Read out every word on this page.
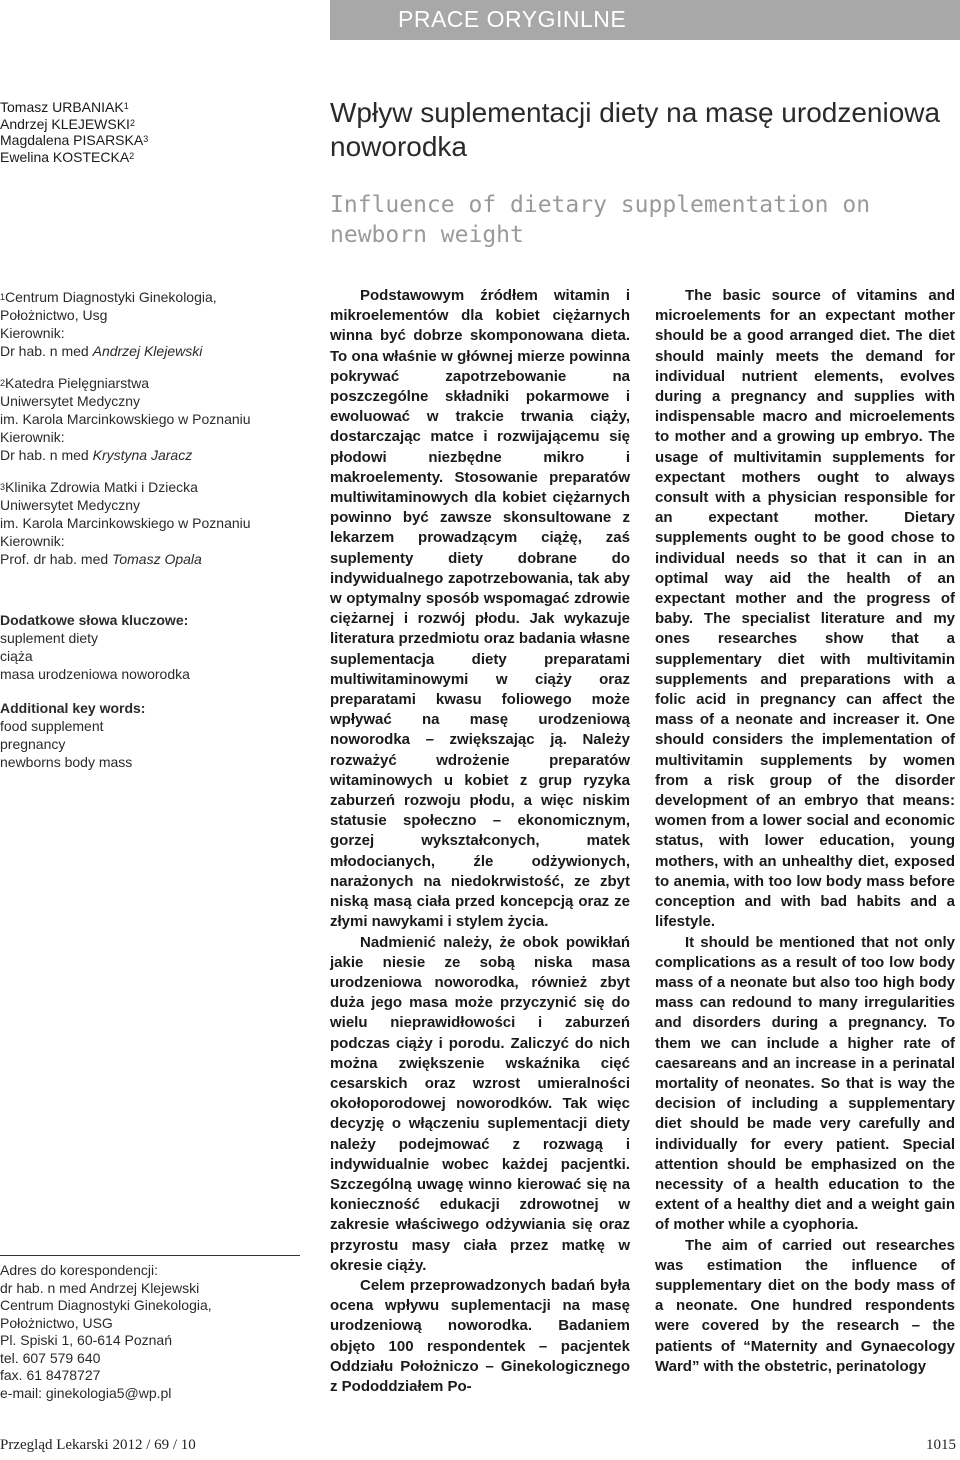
PRACE ORYGINLNE
Tomasz URBANIAK$^1$
Andrzej KLEJEWSKI$^2$
Magdalena PISARSKA$^3$
Ewelina KOSTECKA$^2$
Wpływ suplementacji diety na masę urodzeniowa noworodka
Influence of dietary supplementation on newborn weight
$^1$Centrum Diagnostyki Ginekologia,
Położnictwo, Usg
Kierownik:
Dr hab. n med Andrzej Klejewski
$^2$Katedra Pielęgniarstwa
Uniwersytet Medyczny
im. Karola Marcinkowskiego w Poznaniu
Kierownik:
Dr hab. n med Krystyna Jaracz
$^3$Klinika Zdrowia Matki i Dziecka
Uniwersytet Medyczny
im. Karola Marcinkowskiego w Poznaniu
Kierownik:
Prof. dr hab. med Tomasz Opala
Dodatkowe słowa kluczowe:
suplement diety
ciąża
masa urodzeniowa noworodka
Additional key words:
food supplement
pregnancy
newborns body mass
Adres do korespondencji:
dr hab. n med Andrzej Klejewski
Centrum Diagnostyki Ginekologia,
Położnictwo, USG
Pl. Spiski 1, 60-614 Poznań
tel. 607 579 640
fax. 61 8478727
e-mail: ginekologia5@wp.pl

Podstawowym źródłem witamin i mikroelementów dla kobiet ciężarnych winna być dobrze skomponowana dieta. To ona właśnie w głównej mierze powinna pokrywać zapotrzebowanie na poszczególne składniki pokarmowe i ewoluować w trakcie trwania ciąży, dostarczając matce i rozwijającemu się płodowi niezbędne mikro i makroelementy. Stosowanie preparatów multiwitaminowych dla kobiet ciężarnych powinno być zawsze skonsultowane z lekarzem prowadzącym ciążę, zaś suplementy diety dobrane do indywidualnego zapotrzebowania, tak aby w optymalny sposób wspomagać zdrowie ciężarnej i rozwój płodu. Jak wykazuje literatura przedmiotu oraz badania własne suplementacja diety preparatami multiwitaminowymi w ciąży oraz preparatami kwasu foliowego może wpływać na masę urodzeniową noworodka – zwiększając ją. Należy rozważyć wdrożenie preparatów witaminowych u kobiet z grup ryzyka zaburzeń rozwoju płodu, a więc niskim statusie społeczno – ekonomicznym, gorzej wykształconych, matek młodocianych, źle odżywionych, narażonych na niedokrwistość, ze zbyt niską masą ciała przed koncepcją oraz ze złymi nawykami i stylem życia.

Nadmienić należy, że obok powikłań jakie niesie ze sobą niska masa urodzeniowa noworodka, również zbyt duża jego masa może przyczynić się do wielu nieprawidłowości i zaburzeń podczas ciąży i porodu. Zaliczyć do nich można zwiększenie wskaźnika cięć cesarskich oraz wzrost umieralności okołoporodowej noworodków. Tak więc decyzję o włączeniu suplementacji diety należy podejmować z rozwagą i indywidualnie wobec każdej pacjentki. Szczególną uwagę winno kierować się na konieczność edukacji zdrowotnej w zakresie właściwego odżywiania się oraz przyrostu masy ciała przez matkę w okresie ciąży.

Celem przeprowadzonych badań była ocena wpływu suplementacji na masę urodzeniową noworodka. Badaniem objęto 100 respondentek – pacjentek Oddziału Położniczo – Ginekologicznego z Pododdziałem Po-

The basic source of vitamins and microelements for an expectant mother should be a good arranged diet. The diet should mainly meets the demand for individual nutrient elements, evolves during a pregnancy and supplies with indispensable macro and microelements to mother and a growing up embryo. The usage of multivitamin supplements for expectant mothers ought to always consult with a physician responsible for an expectant mother. Dietary supplements ought to be good chose to individual needs so that it can in an optimal way aid the health of an expectant mother and the progress of baby. The specialist literature and my ones researches show that a supplementary diet with multivitamin supplements and preparations with a folic acid in pregnancy can affect the mass of a neonate and increaser it. One should considers the implementation of multivitamin supplements by women from a risk group of the disorder development of an embryo that means: women from a lower social and economic status, with lower education, young mothers, with an unhealthy diet, exposed to anemia, with too low body mass before conception and with bad habits and a lifestyle.

It should be mentioned that not only complications as a result of too low body mass of a neonate but also too high body mass can redound to many irregularities and disorders during a pregnancy. To them we can include a higher rate of caesareans and an increase in a perinatal mortality of neonates. So that is way the decision of including a supplementary diet should be made very carefully and individually for every patient. Special attention should be emphasized on the necessity of a health education to the extent of a healthy diet and a weight gain of mother while a cyophoria.

The aim of carried out researches was estimation the influence of supplementary diet on the body mass of a neonate. One hundred respondents were covered by the research – the patients of “Maternity and Gynaecology Ward” with the obstetric, perinatology

Przegląd Lekarski 2012 / 69 / 10	1015
